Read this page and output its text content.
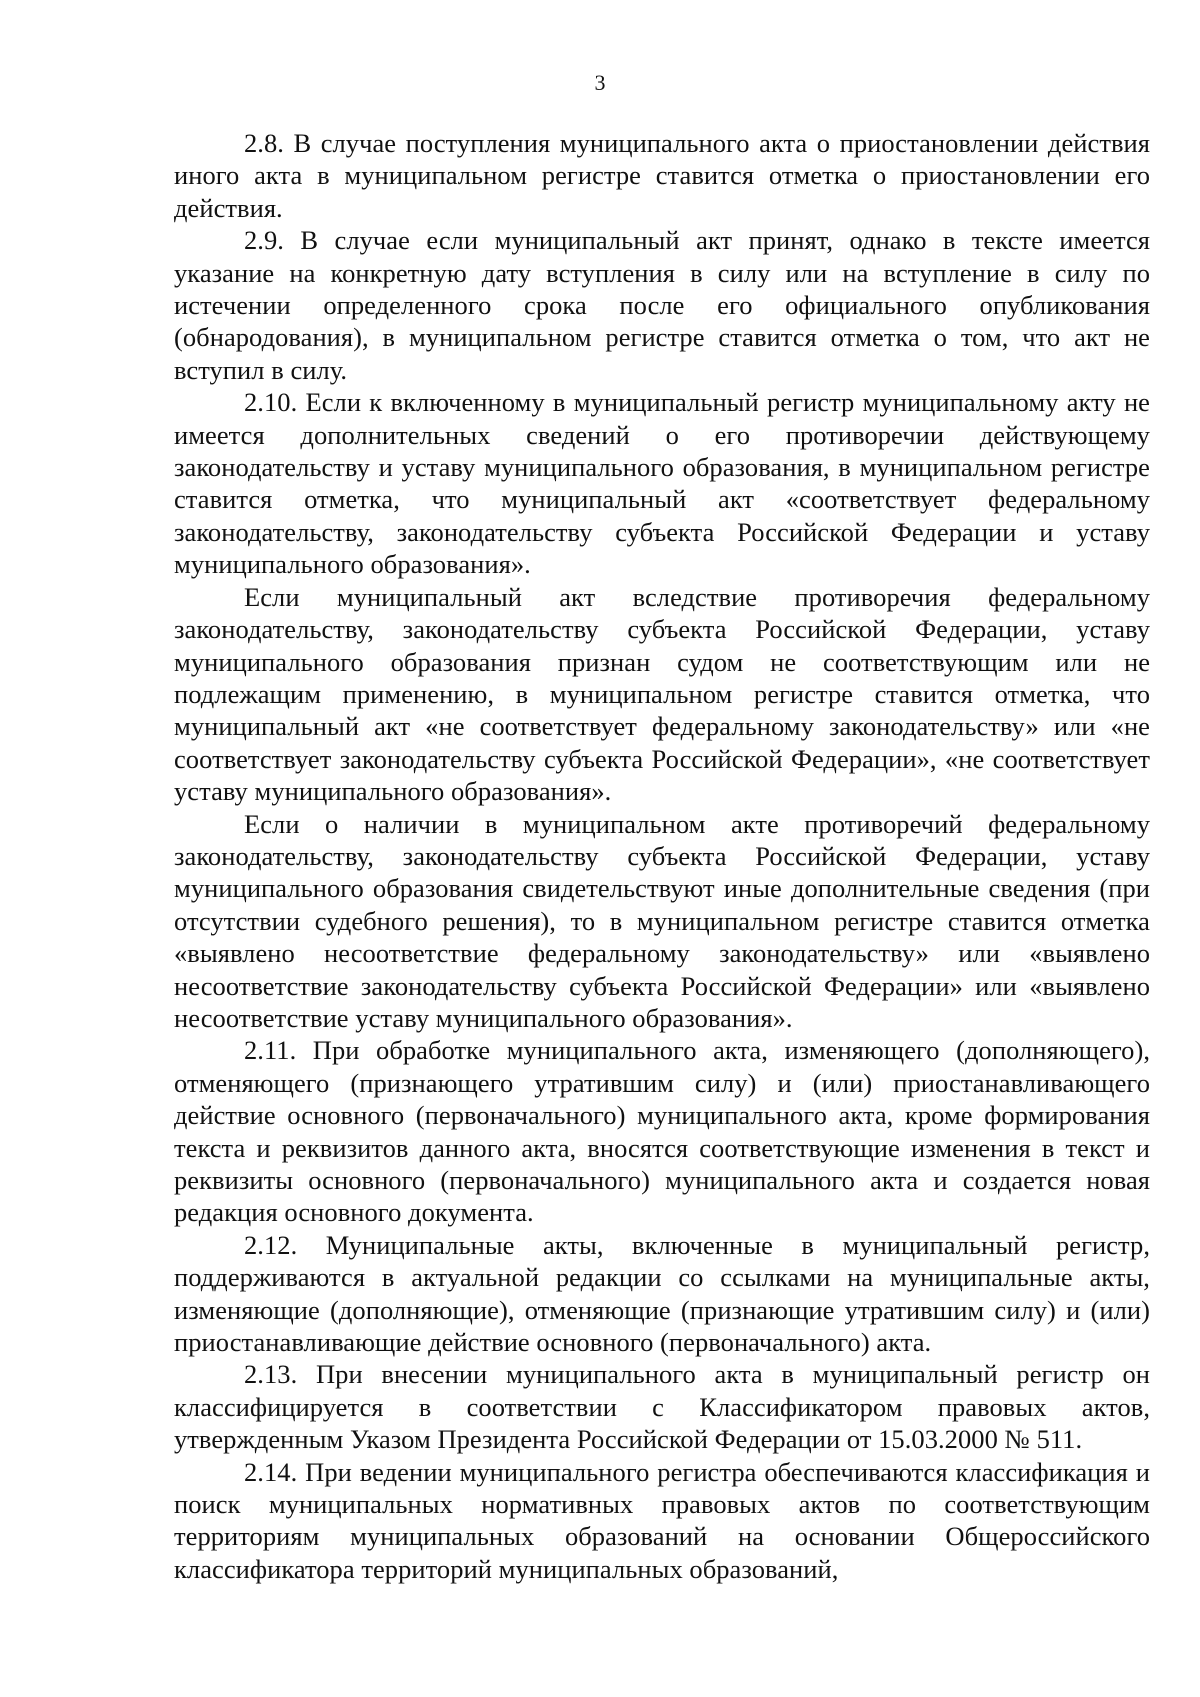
3

2.8. В случае поступления муниципального акта о приостановлении действия иного акта в муниципальном регистре ставится отметка о приостановлении его действия.

2.9. В случае если муниципальный акт принят, однако в тексте имеется указание на конкретную дату вступления в силу или на вступление в силу по истечении определенного срока после его официального опубликования (обнародования), в муниципальном регистре ставится отметка о том, что акт не вступил в силу.

2.10. Если к включенному в муниципальный регистр муниципальному акту не имеется дополнительных сведений о его противоречии действующему законодательству и уставу муниципального образования, в муниципальном регистре ставится отметка, что муниципальный акт «соответствует федеральному законодательству, законодательству субъекта Российской Федерации и уставу муниципального образования».

Если муниципальный акт вследствие противоречия федеральному законодательству, законодательству субъекта Российской Федерации, уставу муниципального образования признан судом не соответствующим или не подлежащим применению, в муниципальном регистре ставится отметка, что муниципальный акт «не соответствует федеральному законодательству» или «не соответствует законодательству субъекта Российской Федерации», «не соответствует уставу муниципального образования».

Если о наличии в муниципальном акте противоречий федеральному законодательству, законодательству субъекта Российской Федерации, уставу муниципального образования свидетельствуют иные дополнительные сведения (при отсутствии судебного решения), то в муниципальном регистре ставится отметка «выявлено несоответствие федеральному законодательству» или «выявлено несоответствие законодательству субъекта Российской Федерации» или «выявлено несоответствие уставу муниципального образования».

2.11. При обработке муниципального акта, изменяющего (дополняющего), отменяющего (признающего утратившим силу) и (или) приостанавливающего действие основного (первоначального) муниципального акта, кроме формирования текста и реквизитов данного акта, вносятся соответствующие изменения в текст и реквизиты основного (первоначального) муниципального акта и создается новая редакция основного документа.

2.12. Муниципальные акты, включенные в муниципальный регистр, поддерживаются в актуальной редакции со ссылками на муниципальные акты, изменяющие (дополняющие), отменяющие (признающие утратившим силу) и (или) приостанавливающие действие основного (первоначального) акта.

2.13. При внесении муниципального акта в муниципальный регистр он классифицируется в соответствии с Классификатором правовых актов, утвержденным Указом Президента Российской Федерации от 15.03.2000 № 511.

2.14. При ведении муниципального регистра обеспечиваются классификация и поиск муниципальных нормативных правовых актов по соответствующим территориям муниципальных образований на основании Общероссийского классификатора территорий муниципальных образований,
